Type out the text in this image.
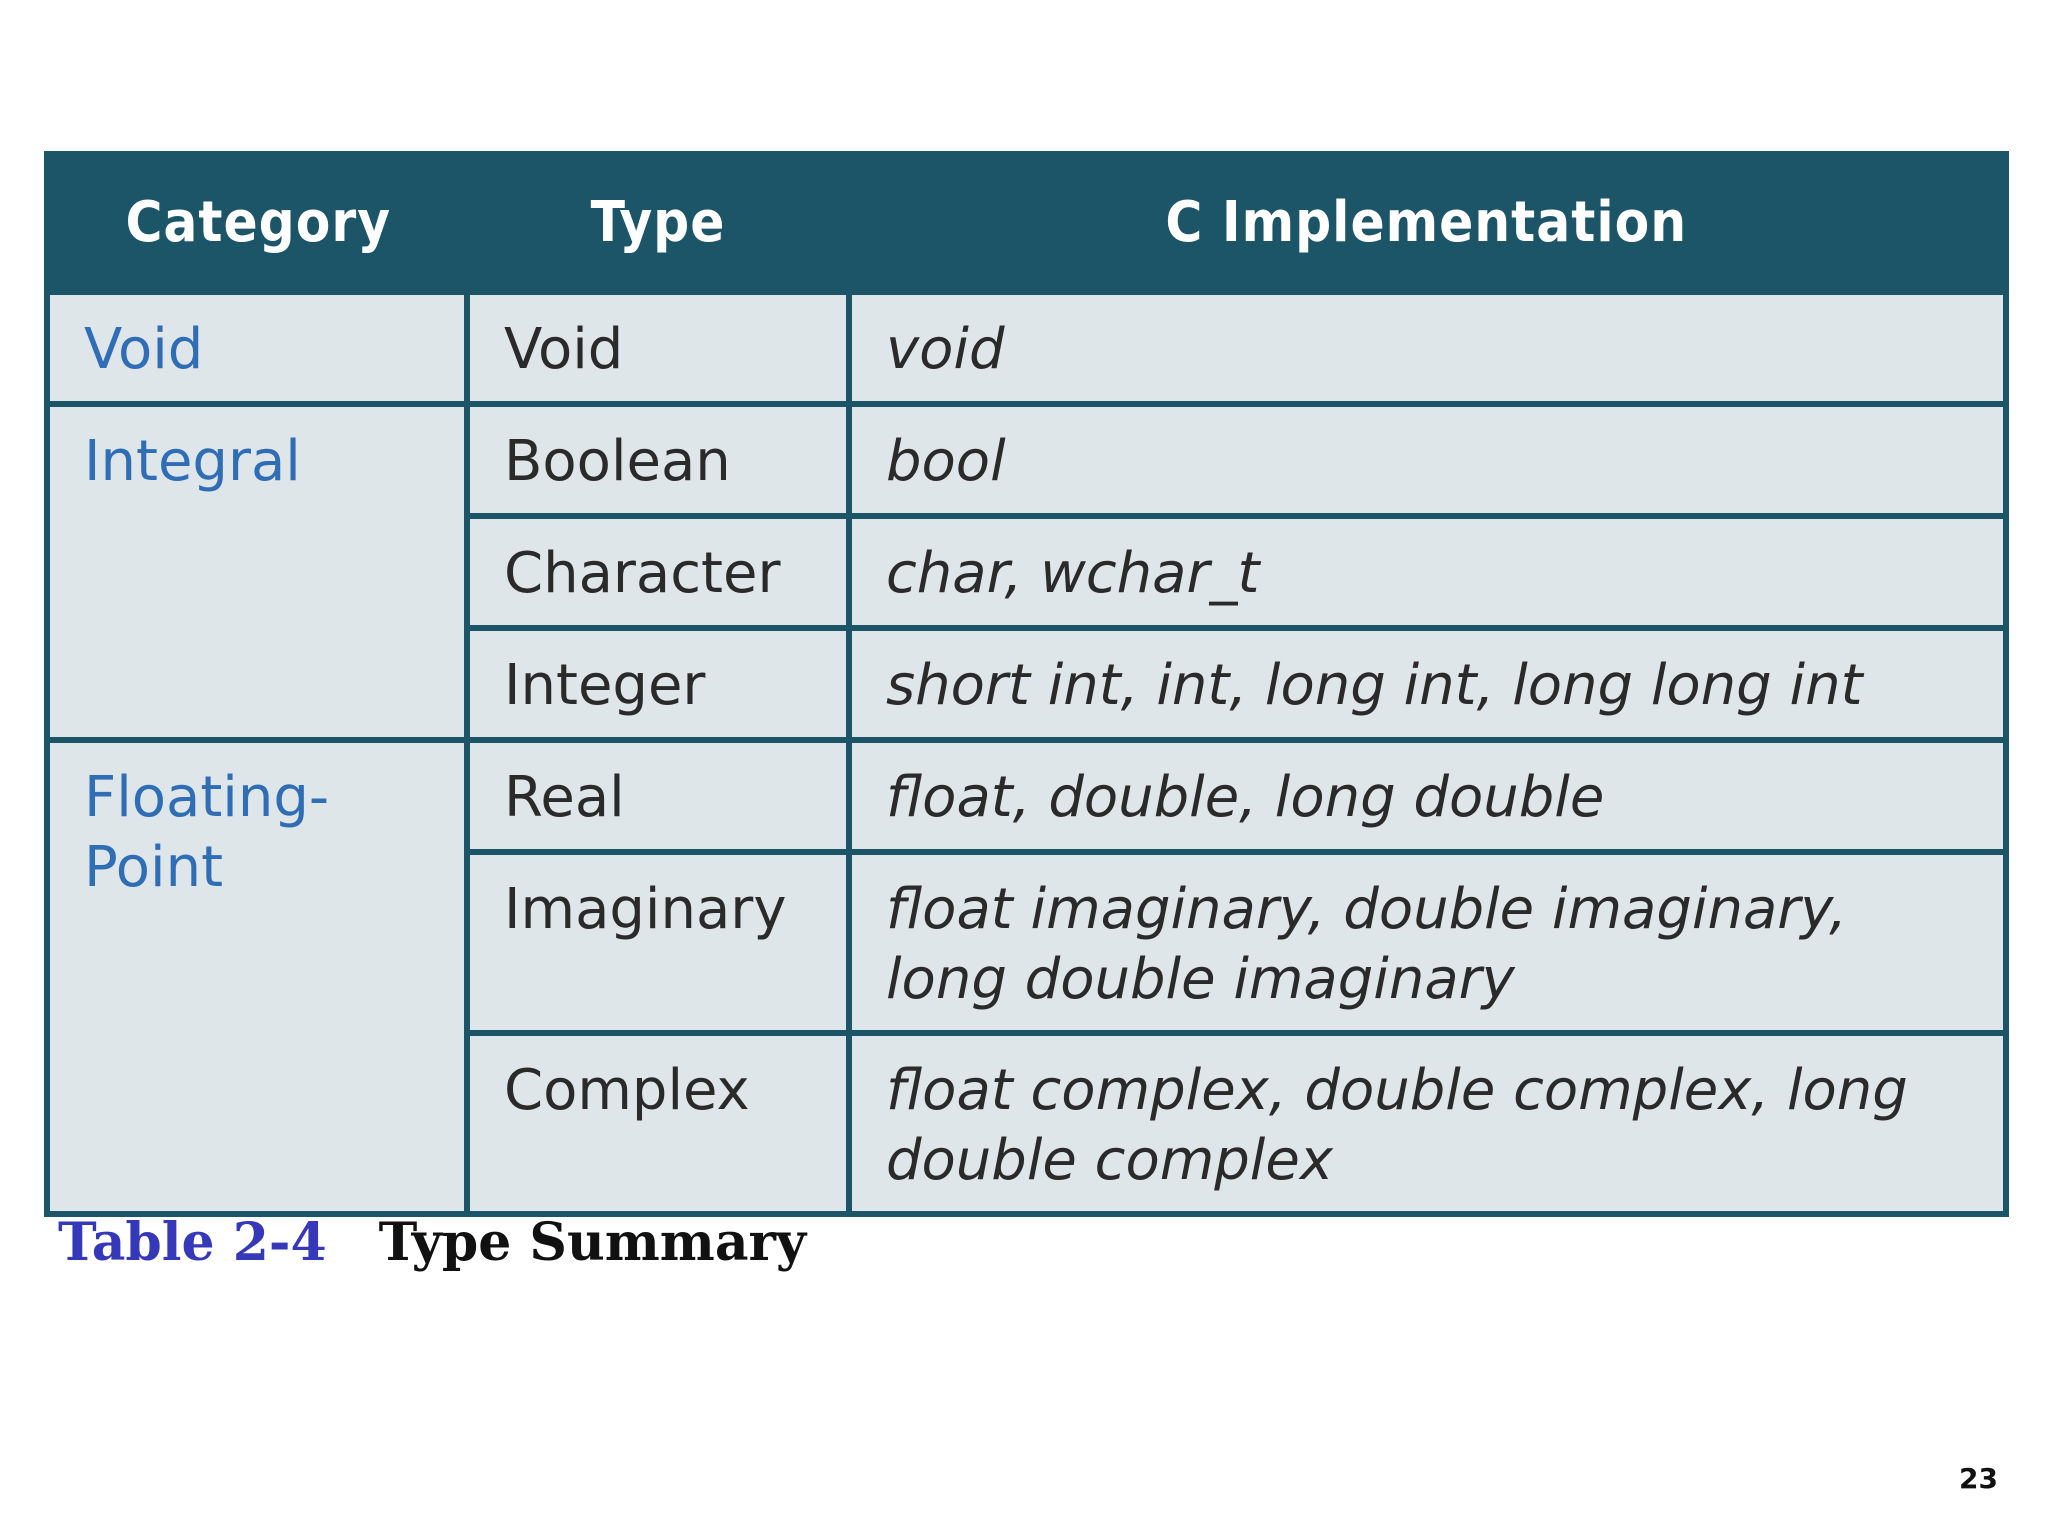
Category	Type	C Implementation
Void	Void	void
Integral	Boolean	bool
	Character	char, wchar_t
	Integer	short int, int, long int, long long int
Floating-Point	Real	float, double, long double
	Imaginary	float imaginary, double imaginary, long double imaginary
	Complex	float complex, double complex, long double complex
Table 2-4 Type Summary
23
